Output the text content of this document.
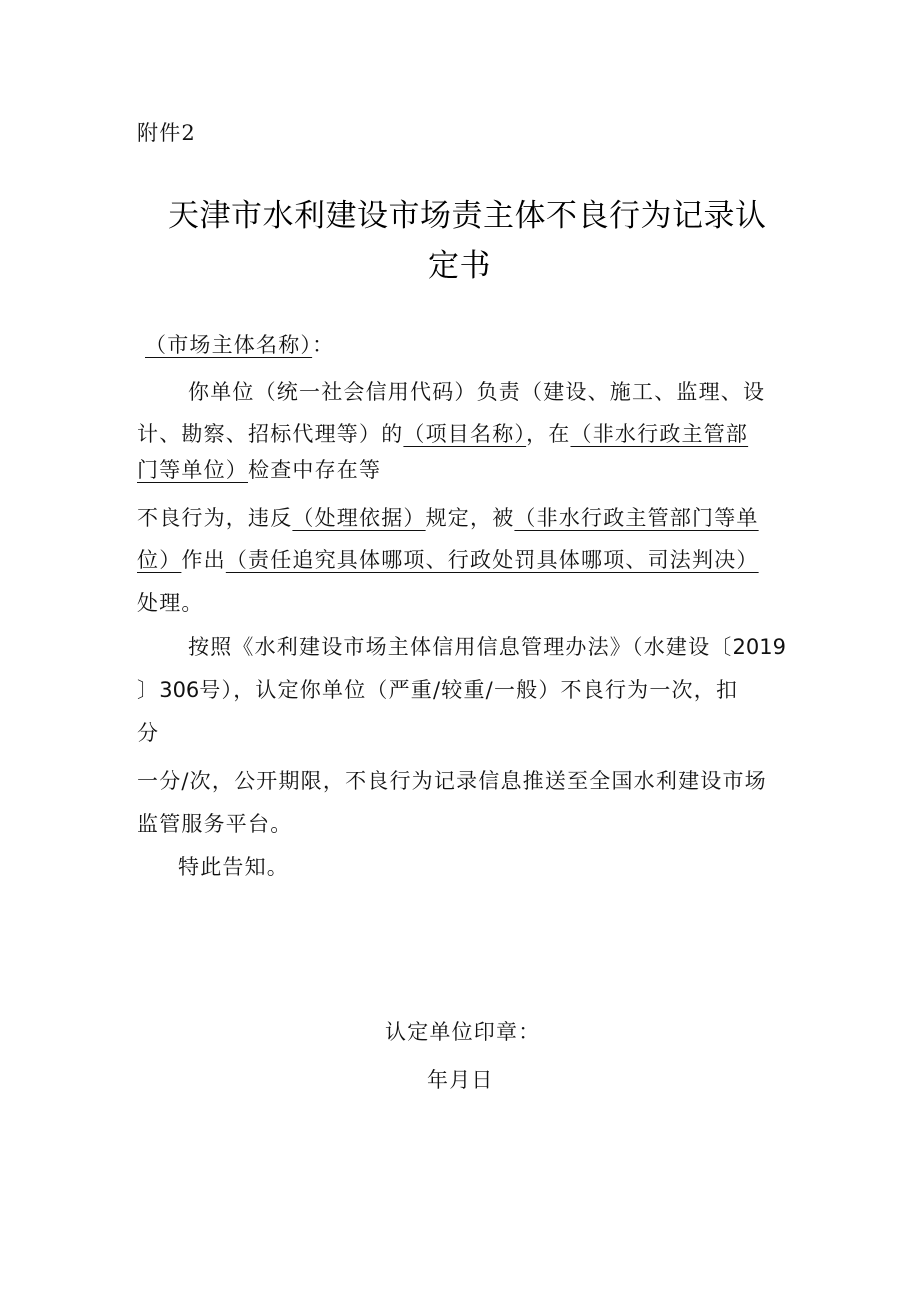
附件2
天津市水利建设市场责主体不良行为记录认
定书
（市场主体名称）：
你单位（统一社会信用代码）负责（建设、施工、监理、设
计、勘察、招标代理等）的（项目名称），在（非水行政主管部
门等单位）检查中存在等
不良行为，违反（处理依据）规定，被（非水行政主管部门等单
位）作出（责任追究具体哪项、行政处罚具体哪项、司法判决）
处理。
按照《水利建设市场主体信用信息管理办法》（水建设〔2019
〕306号），认定你单位（严重/较重/一般）不良行为一次，扣
分
一分/次，公开期限，不良行为记录信息推送至全国水利建设市场
监管服务平台。
特此告知。
认定单位印章：
年月日
